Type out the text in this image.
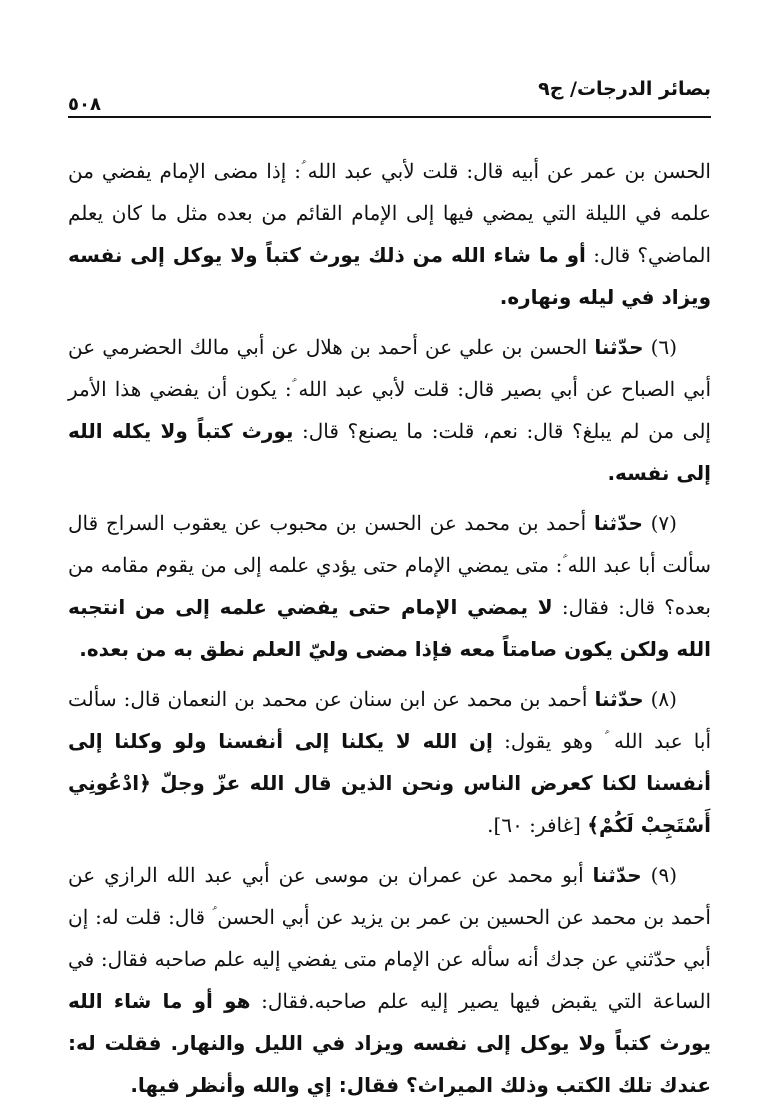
بصائر الدرجات/ ج٩
٥٠٨

الحسن بن عمر عن أبيه قال: قلت لأبي عبد الله ؑ: إذا مضى الإمام يفضي من علمه في الليلة التي يمضي فيها إلى الإمام القائم من بعده مثل ما كان يعلم الماضي؟ قال: أو ما شاء الله من ذلك يورث كتباً ولا يوكل إلى نفسه ويزاد في ليله ونهاره.

(٦) حدّثنا الحسن بن علي عن أحمد بن هلال عن أبي مالك الحضرمي عن أبي الصباح عن أبي بصير قال: قلت لأبي عبد الله ؑ: يكون أن يفضي هذا الأمر إلى من لم يبلغ؟ قال: نعم، قلت: ما يصنع؟ قال: يورث كتباً ولا يكله الله إلى نفسه.

(٧) حدّثنا أحمد بن محمد عن الحسن بن محبوب عن يعقوب السراج قال سألت أبا عبد الله ؑ: متى يمضي الإمام حتى يؤدي علمه إلى من يقوم مقامه من بعده؟ قال: فقال: لا يمضي الإمام حتى يفضي علمه إلى من انتجبه الله ولكن يكون صامتاً معه فإذا مضى وليّ العلم نطق به من بعده.

(٨) حدّثنا أحمد بن محمد عن ابن سنان عن محمد بن النعمان قال: سألت أبا عبد الله ؑ وهو يقول: إن الله لا يكلنا إلى أنفسنا ولو وكلنا إلى أنفسنا لكنا كعرض الناس ونحن الذين قال الله عزّ وجلّ ﴿ادْعُونِي أَسْتَجِبْ لَكُمْ﴾ [غافر: ٦٠].

(٩) حدّثنا أبو محمد عن عمران بن موسى عن أبي عبد الله الرازي عن أحمد بن محمد عن الحسين بن عمر بن يزيد عن أبي الحسن ؑ قال: قلت له: إن أبي حدّثني عن جدك أنه سأله عن الإمام متى يفضي إليه علم صاحبه فقال: في الساعة التي يقبض فيها يصير إليه علم صاحبه.فقال: هو أو ما شاء الله يورث كتباً ولا يوكل إلى نفسه ويزاد في الليل والنهار. فقلت له: عندك تلك الكتب وذلك الميراث؟ فقال: إي والله وأنظر فيها.
